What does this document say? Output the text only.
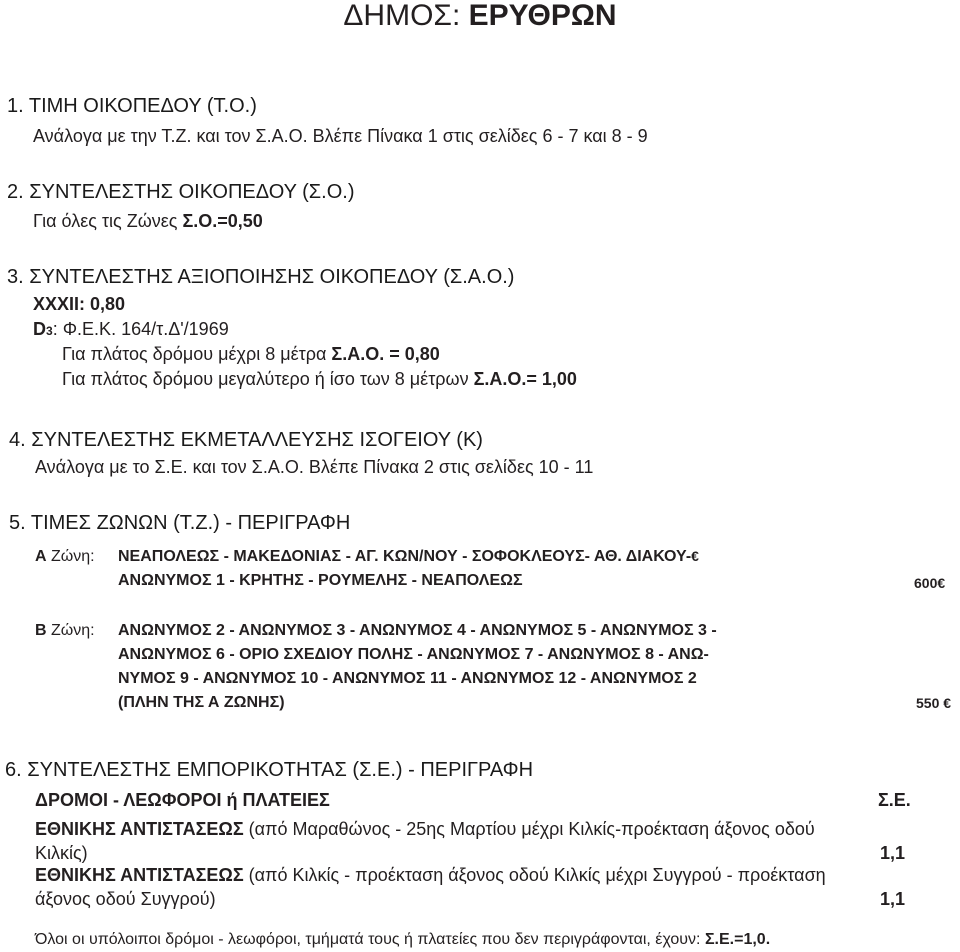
ΔΗΜΟΣ: ΕΡΥΘΡΩΝ
1. ΤΙΜΗ ΟΙΚΟΠΕΔΟΥ (Τ.Ο.)
Ανάλογα με την Τ.Ζ. και τον Σ.Α.Ο. Βλέπε Πίνακα 1 στις σελίδες 6 - 7 και 8 - 9
2. ΣΥΝΤΕΛΕΣΤΗΣ ΟΙΚΟΠΕΔΟΥ (Σ.Ο.)
Για όλες τις Ζώνες Σ.Ο.=0,50
3. ΣΥΝΤΕΛΕΣΤΗΣ ΑΞΙΟΠΟΙΗΣΗΣ ΟΙΚΟΠΕΔΟΥ (Σ.Α.Ο.)
ΧΧΧΙΙ: 0,80
D3: Φ.Ε.Κ. 164/τ.Δ'/1969
Για πλάτος δρόμου μέχρι 8 μέτρα Σ.Α.Ο. = 0,80
Για πλάτος δρόμου μεγαλύτερο ή ίσο των 8 μέτρων Σ.Α.Ο.= 1,00
4. ΣΥΝΤΕΛΕΣΤΗΣ ΕΚΜΕΤΑΛΛΕΥΣΗΣ ΙΣΟΓΕΙΟΥ (Κ)
Ανάλογα με το Σ.Ε. και τον Σ.Α.Ο. Βλέπε Πίνακα 2 στις σελίδες 10 - 11
5. ΤΙΜΕΣ ΖΩΝΩΝ (Τ.Ζ.) - ΠΕΡΙΓΡΑΦΗ
Α Ζώνη: ΝΕΑΠΟΛΕΩΣ - ΜΑΚΕΔΟΝΙΑΣ - ΑΓ. ΚΩΝ/ΝΟΥ - ΣΟΦΟΚΛΕΟΥΣ- ΑΘ. ΔΙΑΚΟΥ-€
ΑΝΩΝΥΜΟΣ 1 - ΚΡΗΤΗΣ - ΡΟΥΜΕΛΗΣ - ΝΕΑΠΟΛΕΩΣ	600€
Β Ζώνη: ΑΝΩΝΥΜΟΣ 2 - ΑΝΩΝΥΜΟΣ 3 - ΑΝΩΝΥΜΟΣ 4 - ΑΝΩΝΥΜΟΣ 5 - ΑΝΩΝΥΜΟΣ 3 -
ΑΝΩΝΥΜΟΣ 6 - ΟΡΙΟ ΣΧΕΔΙΟΥ ΠΟΛΗΣ - ΑΝΩΝΥΜΟΣ 7 - ΑΝΩΝΥΜΟΣ 8 - ΑΝΩ-
ΝΥΜΟΣ 9 - ΑΝΩΝΥΜΟΣ 10 - ΑΝΩΝΥΜΟΣ 11 - ΑΝΩΝΥΜΟΣ 12 - ΑΝΩΝΥΜΟΣ 2
(ΠΛΗΝ ΤΗΣ Α ΖΩΝΗΣ)	550 €
6. ΣΥΝΤΕΛΕΣΤΗΣ ΕΜΠΟΡΙΚΟΤΗΤΑΣ (Σ.Ε.) - ΠΕΡΙΓΡΑΦΗ
ΔΡΟΜΟΙ - ΛΕΩΦΟΡΟΙ ή ΠΛΑΤΕΙΕΣ	Σ.Ε.
ΕΘΝΙΚΗΣ ΑΝΤΙΣΤΑΣΕΩΣ (από Μαραθώνος - 25ης Μαρτίου μέχρι Κιλκίς-προέκταση άξονος οδού
Κιλκίς)	1,1
ΕΘΝΙΚΗΣ ΑΝΤΙΣΤΑΣΕΩΣ (από Κιλκίς - προέκταση άξονος οδού Κιλκίς μέχρι Συγγρού - προέκταση
άξονος οδού Συγγρού)	1,1
Όλοι οι υπόλοιποι δρόμοι - λεωφόροι, τμήματά τους ή πλατείες που δεν περιγράφονται, έχουν: Σ.Ε.=1,0.
